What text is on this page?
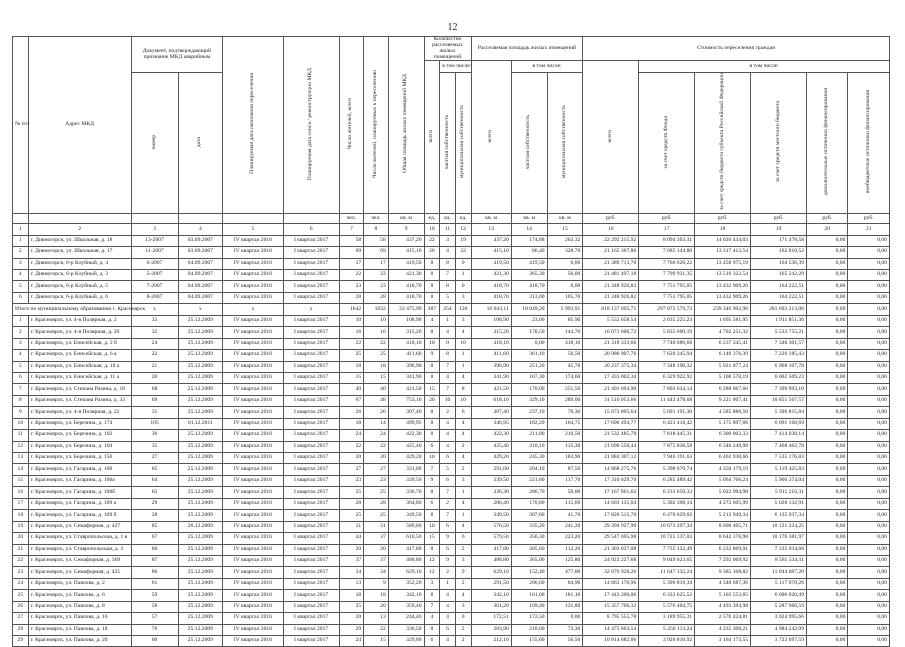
12
№ п/п	Адрес МКД	Документ, подтверждающий признание МКД аварийным		Планируемая дата окончания переселения	Планируемая дата сноса / реконструкции МКД	Число жителей, всего	Число жителей, планируемых к переселению	Общая площадь жилых помещений МКД	Количество расселяемых жилых помещений			Расселяемая площадь жилых помещений			Стоимость переселения граждан					
									всего	в том числе:		всего	в том числе:		всего	в том числе:				
		номер	дата							частная собственность	муниципальная собственность		частная собственность	муниципальная собственность		за счет средств Фонда	за счет средств бюджета субъекта Российской Федерации	за счет средств местного бюджета	дополнительные источники финансирования	внебюджетные источники финансирования

						чел.	чел.	кв. м	ед.	ед.	ед.	кв. м	кв. м	кв. м	руб.	руб.	руб.	руб.	руб.	руб.
1	2	3	4	5	6	7	8	9	10	11	12	13	14	15	16	17	18	19	20	21
1	г. Дивногорск, ул. Школьная, д. 18	13-2007	03.09.2007	IV квартал 2016	I квартал 2017	58	58	437,20	22	3	19	437,20	174,88	262,32	22 292 215,92	8 094 303,31	14 026 434,03	171 478,58	0,00	0,00
2	г. Дивногорск, ул. Школьная, д. 17	11-2007	03.09.2007	IV квартал 2016	I квартал 2017	69	69	415,10	26	4	22	415,10	86,40	328,70	21 165 367,86	7 685 144,80	13 317 412,54	162 810,52	0,00	0,00
3	г. Дивногорск, 6-р Клубный, д. 4	6-2007	04.09.2007	IV квартал 2016	I квартал 2017	17	17	419,50	8	8	0	419,50	419,50	0,00	21 389 713,70	7 766 626,22	13 458 975,19	164 536,39	0,00	0,00
4	г. Дивногорск, 6-р Клубный, д. 3	5-2007	04.09.2007	IV квартал 2016	I квартал 2017	22	22	421,30	8	7	1	421,30	365,30	56,00	21 481 497,18	7 799 931,35	13 516 322,54	165 242,29	0,00	0,00
5	г. Дивногорск, 6-р Клубный, д. 5	7-2007	04.09.2007	IV квартал 2016	I квартал 2017	23	23	418,70	8	8	0	418,70	418,70	0,00	21 348 926,82	7 751 795,05	13 432 909,26	164 222,51	0,00	0,00
6	г. Дивногорск, 6-р Клубный, д. 6	8-2007	04.09.2007	IV квартал 2016	I квартал 2017	28	28	418,70	8	5	3	418,70	313,00	105,70	21 348 926,82	7 751 795,05	13 432 909,26	164 222,51	0,00	0,00
Итого по муниципальному образованию г. Красноярск		x	x	x	x	1642	1032	22 475,99	387	254	136	16 043,11	10 049,20	5 993,91	818 137 695,75	297 073 579,73	239 346 902,96	281 693 213,06	0,00	0,00
1	г. Красноярск, ул. 4-я Полярная, д. 2	33	25.12.2009	IV квартал 2016	I квартал 2017	10	10	108,90	4	1	3	108,90	23,00	85,90	5 552 658,54	2 035 225,23	1 695 581,95	1 911 851,36	0,00	0,00
2	г. Красноярск, ул. 4-я Полярная, д. 20	32	25.12.2009	IV квартал 2016	I квартал 2017	16	16	315,20	8	4	4	315,20	170,50	144,70	16 071 606,72	5 835 600,19	4 702 251,32	5 533 755,21	0,00	0,00
3	г. Красноярск, ул. Енисейская, д. 2 б	24	25.12.2009	IV квартал 2016	I квартал 2017	22	22	418,10	10	0	10	418,10	0,00	418,10	21 318 333,66	7 740 686,68	6 237 345,41	7 340 301,57	0,00	0,00
4	г. Красноярск, ул. Енисейская, д. 6 а	22	25.12.2009	IV квартал 2016	I квартал 2017	25	25	411,60	9	8	1	411,60	361,10	50,50	20 986 907,76	7 620 345,94	6 140 376,39	7 226 185,43	0,00	0,00
5	г. Красноярск, ул. Енисейская, д. 10 а	21	25.12.2009	IV квартал 2016	I квартал 2017	18	18	396,90	8	7	1	396,90	251,20	45,70	20 237 375,34	7 348 190,32	5 921 077,24	6 968 107,78	0,00	0,00
6	г. Красноярск, ул. Енисейская, д. 11 а	20	25.12.2009	IV квартал 2016	I квартал 2017	15	15	341,90	8	4	4	341,90	167,30	174,60	17 433 002,34	6 329 922,92	5 100 570,19	6 002 509,23	0,00	0,00
7	г. Красноярск, ул. Степана Разина, д. 18	68	25.12.2009	IV квартал 2016	I квартал 2017	40	40	421,50	15	7	8	421,50	170,00	251,50	21 491 694,90	7 803 634,14	6 288 067,66	7 399 993,10	0,00	0,00
8	г. Красноярск, ул. Степана Разина, д. 33	69	25.12.2009	IV квартал 2016	I квартал 2017	67	48	753,10	20	10	10	618,10	329,10	289,00	31 516 053,66	11 443 478,68	9 221 007,41	10 851 567,57	0,00	0,00
9	г. Красноярск, ул. 4-я Полярная, д. 22	31	25.12.2009	IV квартал 2016	I квартал 2017	26	26	307,40	8	2	6	307,40	237,10	70,30	15 673 895,64	5 691 191,30	4 585 888,50	5 396 815,84	0,00	0,00
10	г. Красноярск, ул. Березина, д. 174	105	01.12.2011	IV квартал 2016	I квартал 2017	18	14	499,95	8	4	4	346,95	182,20	164,75	17 690 494,77	6 423 418,42	5 175 897,66	6 091 168,69	0,00	0,00
11	г. Красноярск, ул. Березина, д. 102	36	25.12.2009	IV квартал 2016	I квартал 2017	24	24	422,30	8	4	4	422,30	211,80	210,50	21 532 485,78	7 818 445,31	6 300 002,33	7 414 038,14	0,00	0,00
12	г. Красноярск, ул. Березина, д. 104	35	25.12.2009	IV квартал 2016	I квартал 2017	22	22	425,40	6	4	2	425,40	310,10	115,30	21 690 550,44	7 875 838,58	6 346 249,08	7 468 462,78	0,00	0,00
13	г. Красноярск, ул. Березина, д. 156	27	25.12.2009	IV квартал 2016	I квартал 2017	20	20	429,20	10	6	4	429,20	245,30	183,90	21 884 307,12	7 946 191,63	6 402 938,66	7 535 176,83	0,00	0,00
14	г. Красноярск, ул. Гагарина, д. 100	65	25.12.2009	IV квартал 2016	I квартал 2017	27	27	331,00	7	5	2	291,60	204,10	87,50	14 868 275,76	5 398 670,74	4 350 179,19	5 119 425,83	0,00	0,00
15	г. Красноярск, ул. Гагарина, д. 100а	64	25.12.2009	IV квартал 2016	I квартал 2017	23	23	339,50	9	6	3	339,50	221,80	117,70	17 310 629,70	6 285 489,42	5 064 766,24	5 960 374,04	0,00	0,00
16	г. Красноярск, ул. Гагарина, д. 100б	63	25.12.2009	IV квартал 2016	I квартал 2017	25	25	336,70	8	7	1	336,30	286,70	50,00	17 167 861,62	6 233 650,33	5 022 994,98	5 911 216,31	0,00	0,00
17	г. Красноярск, ул. Гагарина, д. 109 а	29	25.12.2009	IV квартал 2016	I квартал 2017	28	28	364,80	6	2	4	286,40	170,80	115,60	14 603 135,04	5 302 398,14	4 272 605,99	5 028 132,91	0,00	0,00
18	г. Красноярск, ул. Гагарина, д. 109 б	28	25.12.2009	IV квартал 2016	I квартал 2017	25	25	349,50	8	7	1	349,50	307,80	41,70	17 820 515,70	6 470 629,02	5 213 949,34	6 135 937,34	0,00	0,00
19	г. Красноярск, ул. Семафорная, д. 427	85	26.12.2009	IV квартал 2016	I квартал 2017	31	31	589,60	10	6	4	576,50	335,20	241,20	29 394 927,90	10 673 297,34	8 600 405,71	10 121 224,25	0,00	0,00
20	г. Красноярск, ул. Ставропольская, д. 1 в	67	25.12.2009	IV квартал 2016	I квартал 2017	44	37	616,50	15	9	6	579,50	356,30	223,20	29 547 695,98	10 725 137,03	8 642 176,98	10 170 381,97	0,00	0,00
21	г. Красноярск, ул. Ставропольская, д. 3	66	25.12.2009	IV квартал 2016	I квартал 2017	20	20	417,80	8	6	2	417,80	305,60	112,20	21 303 037,08	7 735 132,49	6 232 869,91	7 335 034,68	0,00	0,00
22	г. Красноярск, ул. Семафорная, д. 369	87	25.12.2009	IV квартал 2016	I квартал 2017	37	37	488,80	12	9	3	488,80	365,00	125,80	24 923 227,68	9 049 623,65	7 292 069,92	8 581 534,11	0,00	0,00
23	г. Красноярск, ул. Семафорная, д. 425	86	25.12.2009	IV квартал 2016	I квартал 2017	34	34	629,10	12	2	9	629,10	152,40	477,00	32 076 928,26	11 647 132,24	9 385 108,82	11 044 687,20	0,00	0,00
24	г. Красноярск, ул. Павлова, д. 2	61	25.12.2009	IV квартал 2016	I квартал 2017	13	9	352,20	3	1	2	291,50	206,60	84,90	14 863 176,96	5 396 819,34	4 348 687,36	5 117 670,26	0,00	0,00
25	г. Красноярск, ул. Павлова, д. 6	59	25.12.2009	IV квартал 2016	I квартал 2017	18	18	342,10	8	4	4	342,10	161,00	181,10	17 443 200,06	6 333 625,52	5 103 553,85	6 006 020,49	0,00	0,00
26	г. Красноярск, ул. Павлова, д. 8	58	25.12.2009	IV квартал 2016	I квартал 2017	25	20	359,40	7	4	3	301,20	169,40	131,80	15 357 766,32	5 576 404,75	4 493 394,98	5 287 966,59	0,00	0,00
27	г. Красноярск, ул. Павлова, д. 16	57	25.12.2009	IV квартал 2016	I квартал 2017	20	13	244,40	4	4	0	172,51	172,50	0,00	8 795 555,78	3 189 955,31	2 570 424,81	3 024 995,66	0,00	0,00
28	г. Красноярск, ул. Павлова, д. 18	76	25.12.2009	IV квартал 2016	I квартал 2017	29	22	336,50	8	6	2	283,90	210,60	73,30	14 475 663,54	5 256 113,24	4 235 308,21	4 984 242,09	0,00	0,00
29	г. Красноярск, ул. Павлова, д. 20	60	25.12.2009	IV квартал 2016	I квартал 2017	24	15	329,00	6	4	2	212,10	155,60	56,50	10 814 682,06	3 926 810,92	3 164 173,55	3 723 697,59	0,00	0,00
